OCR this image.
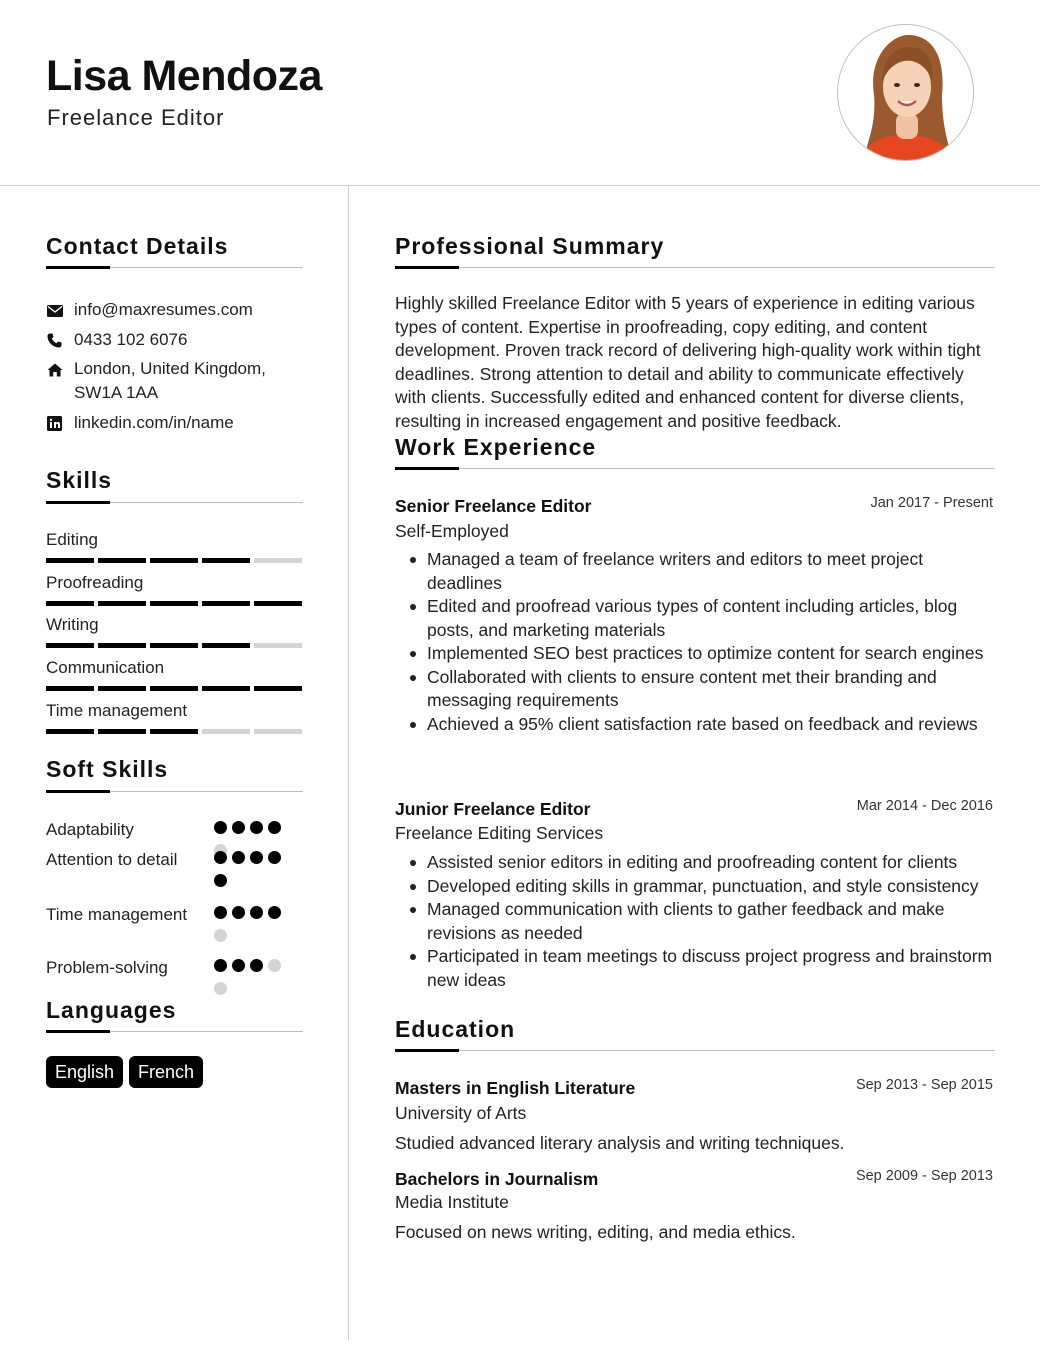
Lisa Mendoza
Freelance Editor
Contact Details
info@maxresumes.com
0433 102 6076
London, United Kingdom,
SW1A 1AA
linkedin.com/in/name
Skills
Editing
Proofreading
Writing
Communication
Time management
Soft Skills
Adaptability
Attention to detail
Time management
Problem-solving
Languages
English	French
Professional Summary
Highly skilled Freelance Editor with 5 years of experience in editing various types of content. Expertise in proofreading, copy editing, and content development. Proven track record of delivering high-quality work within tight deadlines. Strong attention to detail and ability to communicate effectively with clients. Successfully edited and enhanced content for diverse clients, resulting in increased engagement and positive feedback.
Work Experience
Senior Freelance Editor	Jan 2017 - Present
Self-Employed
Managed a team of freelance writers and editors to meet project deadlines
Edited and proofread various types of content including articles, blog posts, and marketing materials
Implemented SEO best practices to optimize content for search engines
Collaborated with clients to ensure content met their branding and messaging requirements
Achieved a 95% client satisfaction rate based on feedback and reviews
Junior Freelance Editor	Mar 2014 - Dec 2016
Freelance Editing Services
Assisted senior editors in editing and proofreading content for clients
Developed editing skills in grammar, punctuation, and style consistency
Managed communication with clients to gather feedback and make revisions as needed
Participated in team meetings to discuss project progress and brainstorm new ideas
Education
Masters in English Literature	Sep 2013 - Sep 2015
University of Arts
Studied advanced literary analysis and writing techniques.
Bachelors in Journalism	Sep 2009 - Sep 2013
Media Institute
Focused on news writing, editing, and media ethics.
